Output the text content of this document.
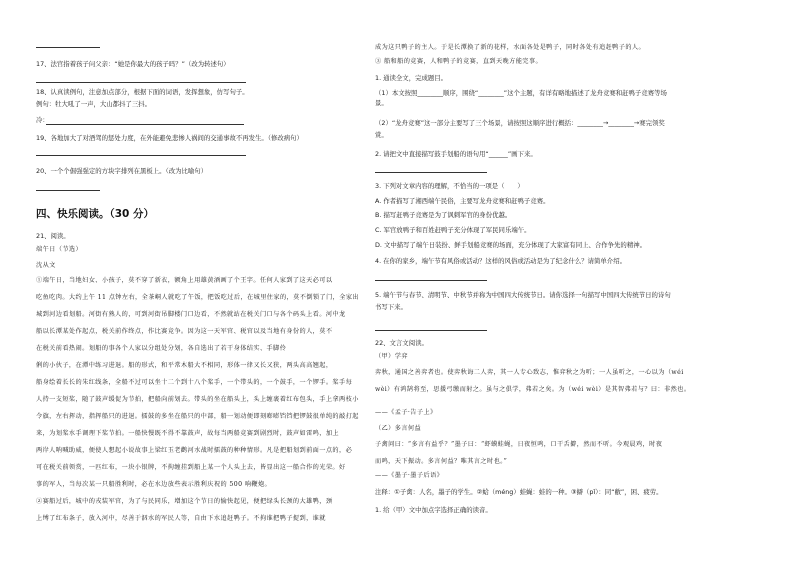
17、法官指着孩子问父亲：“她是你最大的孩子吗？”（改为转述句）
18、认真读例句，注意加点部分，根据下面的词语，发挥想象，仿写句子。
例句：牡大吼了一声，大山都抖了三抖。
冷：
19、各地加大了对酒驾的惩处力度，在外能避免悲惨人祸间的交通事故不再发生。（修改病句）
20、一个个倔强强定的方块字排列在黑板上。（改为比喻句）
四、快乐阅读。（30 分）
21、阅读。
端午日（节选）
沈从文
①端午日，当地妇女、小孩子，莫不穿了新衣，额角上用雄黄酒画了个王字。任何人家到了这天必可以
吃鱼吃肉。大约上午 11 点钟左右，全茶峒人就吃了午饭，把饭吃过后，在城里住家的，莫不倒锁了门，全家出
城到河边看划船。河街有熟人的，可到河街吊脚楼门口边看，不然就站在税关门口与各个码头上看。河中龙
船以长潭某处作起点，税关前作终点，作比赛竞争。因为这一天军官、税官以及当地有身份的人，莫不
在税关前看热闹。划船的事各个人家以分组处分划，各自选出了若干身体结实、手脚伶
俐的小伙子，在潭中练习进退。船的形式，和平常木船大不相同，形体一律又长又狭，两头高高翘起，
船身绘着长长的朱红线条，全船不过可以坐十二个到十八个桨手，一个带头的，一个鼓手，一个锣手。桨手每
人持一支短桨，随了鼓声缓促为节拍，把船向前划去。带头的坐在船头上，头上缠裹着红布包头，手上拿两枝小
令旗，左右挥动，指挥船只的进退。擂鼓的多坐在船只的中部，船一划动便即刻嘭嘭铛铛把锣鼓很单纯的敲打起
来，为划桨水手调理下桨节拍。一船快慢既不得不靠鼓声，故每当两船竞赛到剧烈时，鼓声如雷鸣，加上
两岸人呐喊助威，便使人想起小说故事上梁红玉老鹳河水战时擂鼓的种种情形。凡是把船划到前面一点的，必
可在税关前领赏，一匹红布，一块小银牌，不拘缠挂到船上某一个人头上去，皆显出这一船合作的光荣。好
事的军人，当每次某一只船胜利时，必在水边放些表示胜利庆祝的 500 响鞭炮。
②赛船过后，城中的戎装军官，为了与民同乐，增加这个节日的愉快起见，便把绿头长颈的大雄鸭，颈
上缚了红布条子，放入河中，尽善于泅水的军民人等，自由下水追赶鸭子。不拘谁把鸭子捉到，谁就
成为这只鸭子的主人。于是长潭换了新的花样，水面各处是鸭子，同时各处有追赶鸭子的人。
③ 船和船的竞赛，人和鸭子的竞赛，直到天晚方能完事。
1. 通读全文，完成题目。
（1）本文按照________顺序，围绕“________”这个主题，有详有略地描述了龙舟竞赛和赶鸭子竞赛等场
景。
（2）“龙舟竞赛”这一部分主要写了三个场景，请按照这顺序进行概括：________→________→赛完领奖
赏。
2. 请把文中直接描写鼓手划船的语句用“______”画下来。
3. 下列对文章内容的理解，不恰当的一项是（　　）
A. 作者描写了湘西端午民俗，主要写龙舟竞赛和赶鸭子竞赛。
B. 描写赶鸭子竞赛是为了讽刺军官的身份优越。
C. 军官放鸭子和百姓赶鸭子充分体现了军民同乐端午。
D. 文中描写了端午日装扮、鲜手划船竞赛的场面，充分体现了大家富有同上、合作争先的精神。
4. 在你的家乡，端午节有风俗或活动？这样的风俗或活动是为了纪念什么？请简单介绍。
5. 端午节与春节、清明节、中秋节并称为中国四大传统节日。请你选择一句描写中国四大传统节日的诗句
书写下来。
22、文言文阅读。
（甲）学弈
弈秋，通国之善弈者也。使弈秋诲二人弈，其一人专心致志，惟弈秋之为听；一人虽听之，一心以为（wéi
wèi）有鸿鹄将至，思援弓缴而射之。虽与之俱学，弗若之矣。为（wéi wèi）是其智弗若与？曰：非然也。
——《孟子·告子上》
（乙）多言何益
子禽问曰：“多言有益乎？”墨子曰：“虾蟆蛙蝇，日夜恒鸣，口干舌擗，然而不听。今观晨鸡，时夜
而鸣，天下振动。多言何益？唯其言之时也。”
——《墨子·墨子后语》
注释：①子禽：人名，墨子的学生。②蛤（méng）蛙蝇：蛙的一种。③擗（pǐ）：同“敝”，困、疲劳。
1. 给（甲）文中加点字选择正确的读音。
